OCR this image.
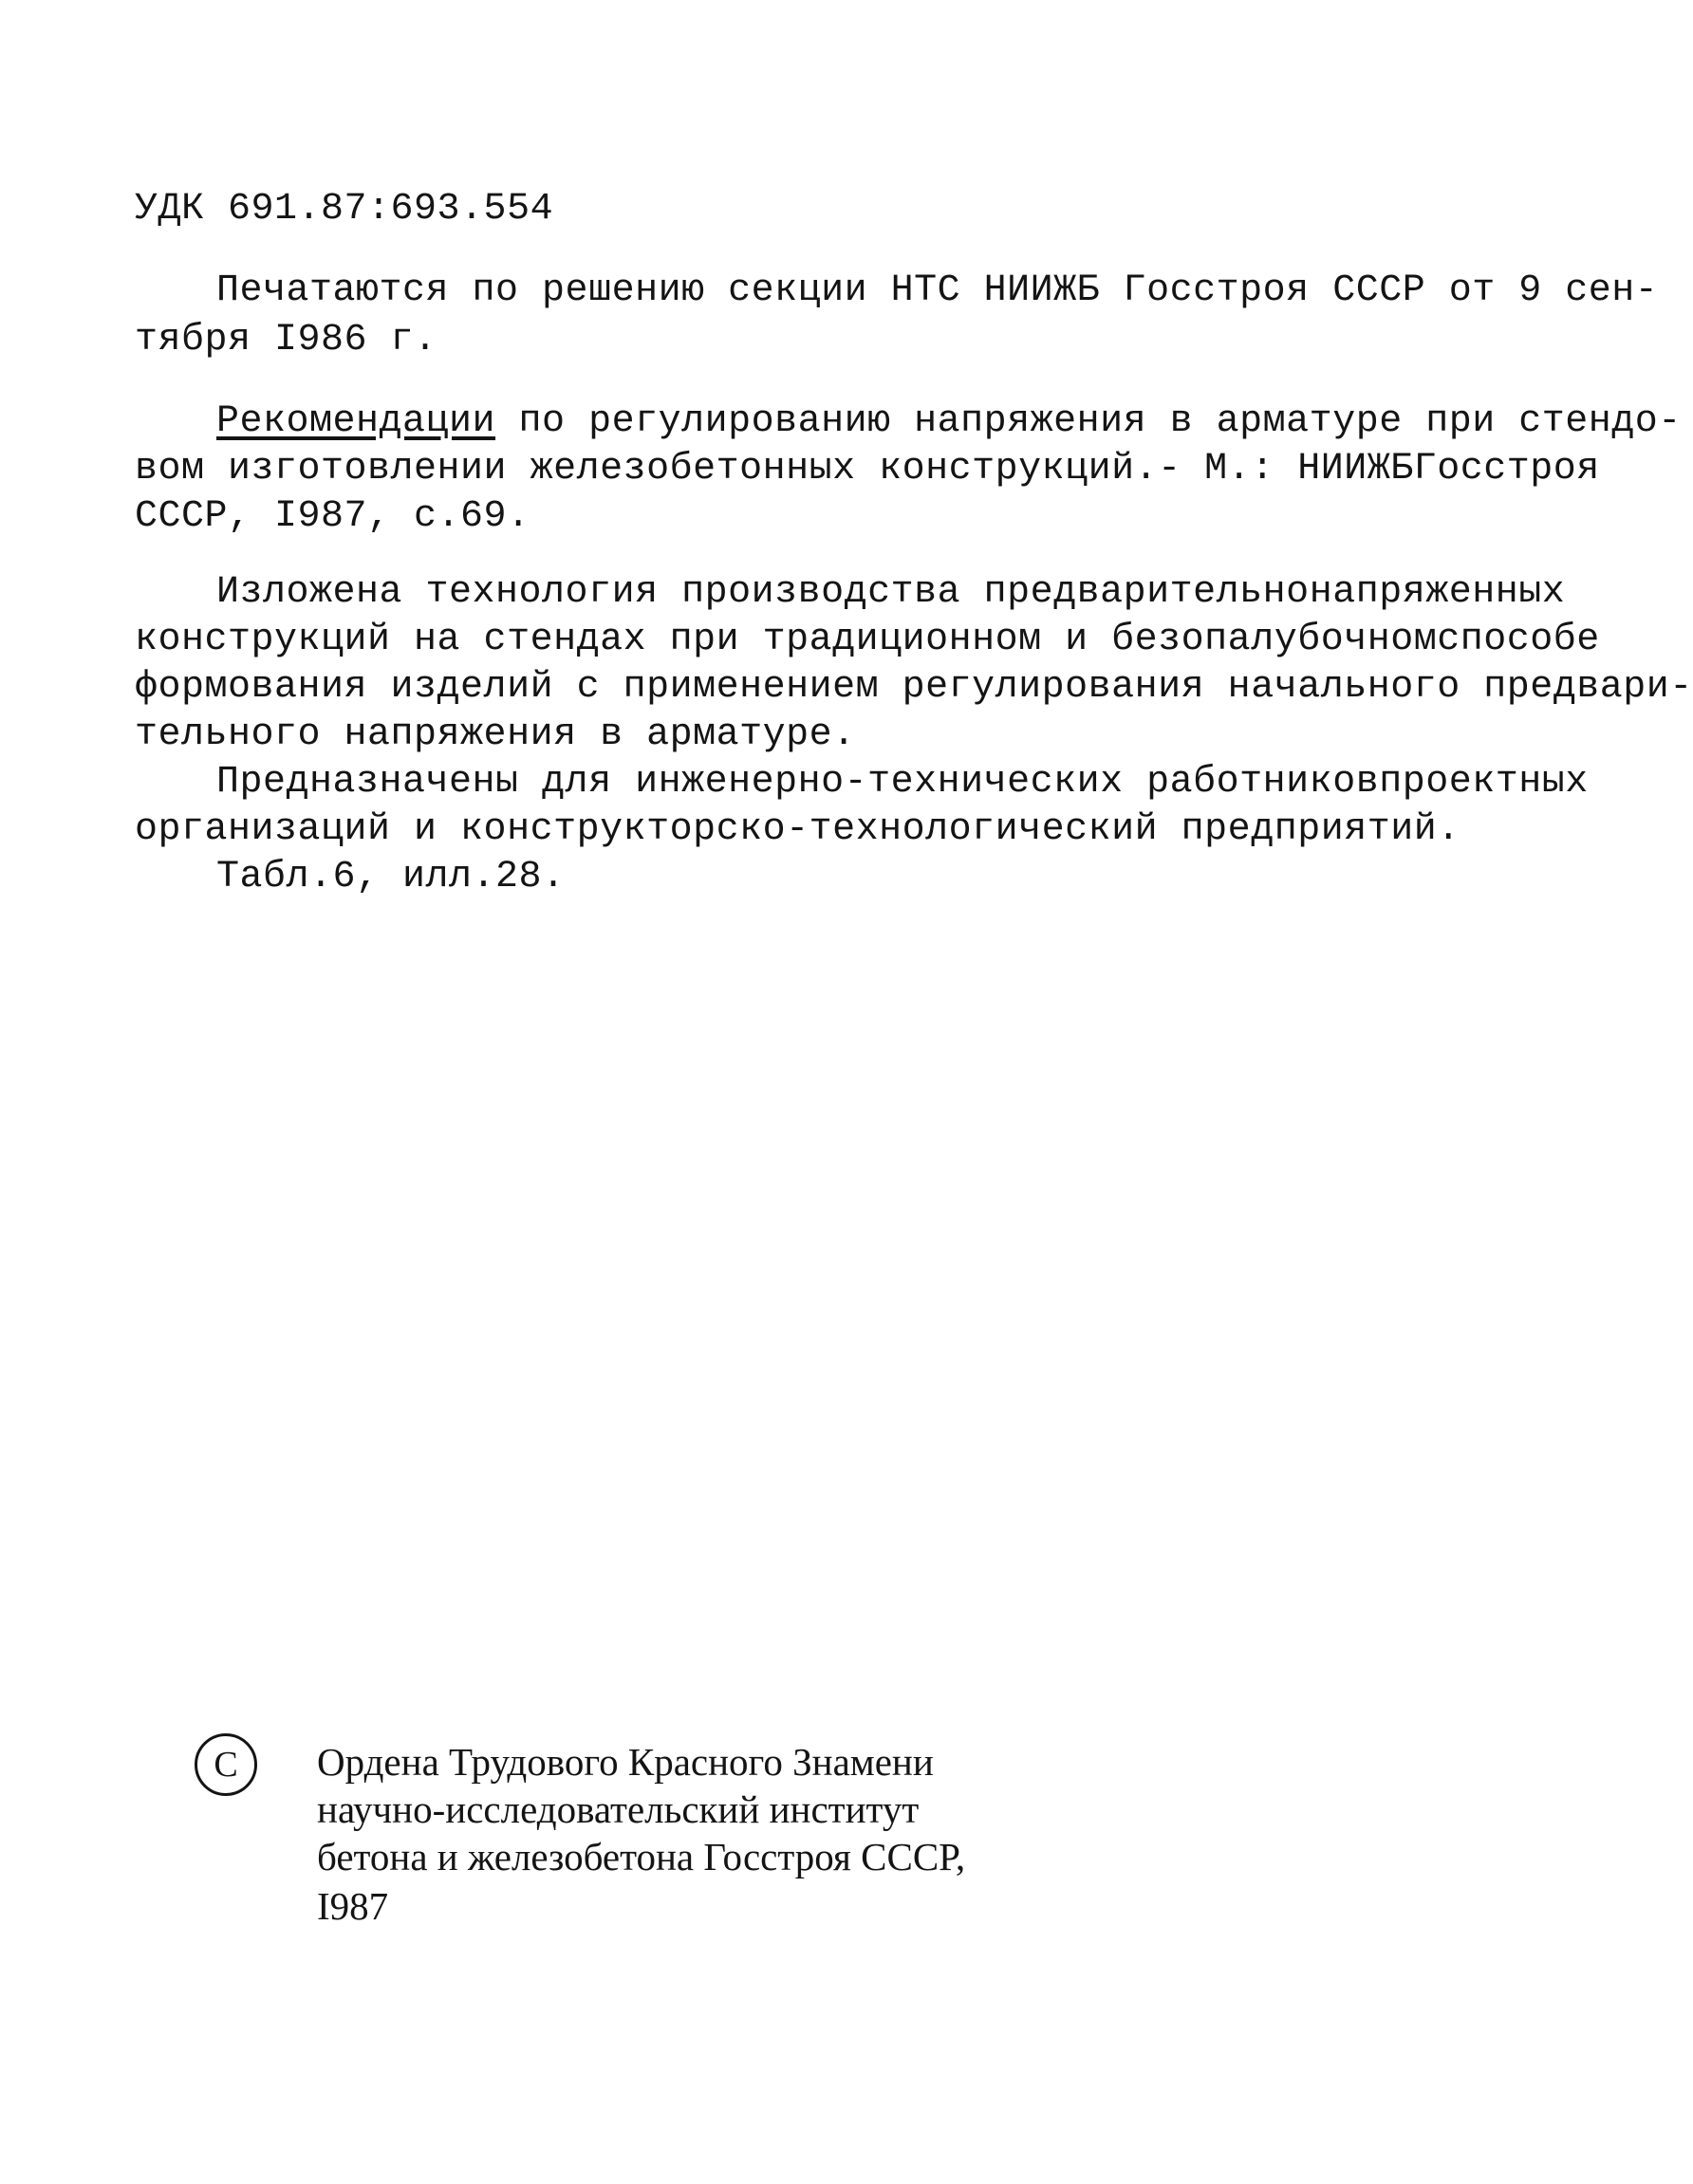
УДК 691.87:693.554
Печатаются по решению секции НТС НИИЖБ Госстроя СССР от 9 сен -
тября I986 г.
Рекомендации по регулированию напряжения в арматуре при стендо-
вом изготовлении железобетонных конструкций.- М.: НИИЖБ Госстроя
СССР, I987, с.69.
Изложена технология производства предварительно напряженных
конструкций на стендах при традиционном и безопалубочном способе
формования изделий с применением регулирования начального предвари-
тельного напряжения в арматуре.
Предназначены для инженерно-технических работников проектных
организаций и конструкторско-технологический предприятий.
Табл.6, илл.28.
C Ордена Трудового Красного Знамени
научно-исследовательский институт
бетона и железобетона Госстроя СССР,
I987
